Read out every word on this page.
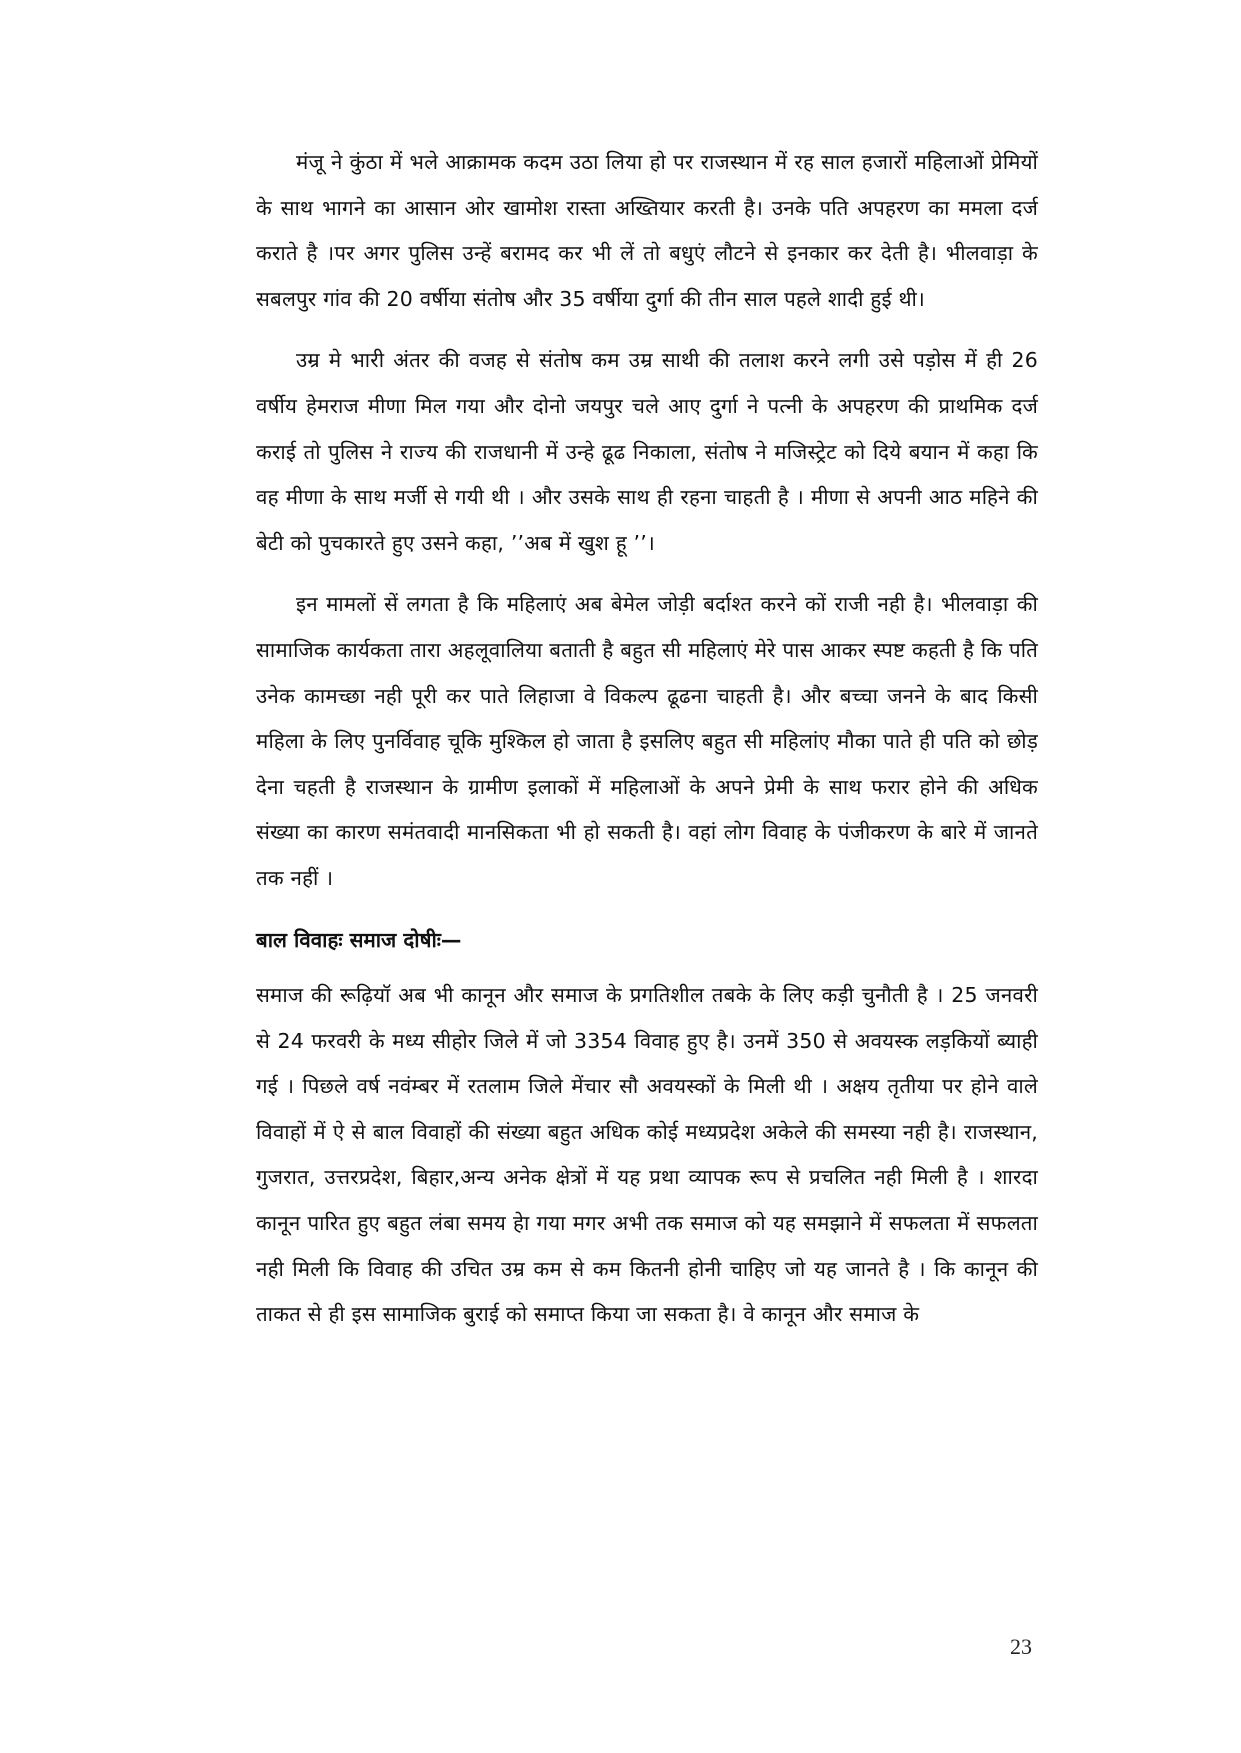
मंजू ने कुंठा में भले आक्रामक कदम उठा लिया हो पर राजस्थान में रह साल हजारों महिलाओं प्रेमियों के साथ भागने का आसान ओर खामोश रास्ता अख्तियार करती है। उनके पति अपहरण का ममला दर्ज कराते है ।पर अगर पुलिस उन्हें बरामद कर भी लें तो बधुएं लौटने से इनकार कर देती है। भीलवाड़ा के सबलपुर गांव की 20 वर्षीया संतोष और 35 वर्षीया दुर्गा की तीन साल पहले शादी हुई थी।

उम्र मे भारी अंतर की वजह से संतोष कम उम्र साथी की तलाश करने लगी उसे पड़ोस में ही 26 वर्षीय हेमराज मीणा मिल गया और दोनो जयपुर चले आए दुर्गा ने पत्नी के अपहरण की प्राथमिक दर्ज कराई तो पुलिस ने राज्य की राजधानी में उन्हे ढूढ निकाला, संतोष ने मजिस्ट्रेट को दिये बयान में कहा कि वह मीणा के साथ मर्जी से गयी थी । और उसके साथ ही रहना चाहती है । मीणा से अपनी आठ महिने की बेटी को पुचकारते हुए उसने कहा, ’’अब में खुश हू ’’।

इन मामलों सें लगता है कि महिलाएं अब बेमेल जोड़ी बर्दाश्त करने कों राजी नही है। भीलवाड़ा की सामाजिक कार्यकता तारा अहलूवालिया बताती है बहुत सी महिलाएं मेरे पास आकर स्पष्ट कहती है कि पति उनेक कामच्छा नही पूरी कर पाते लिहाजा वे विकल्प ढूढना चाहती है। और बच्चा जनने के बाद किसी महिला के लिए पुनर्विवाह चूकि मुश्किल हो जाता है इसलिए बहुत सी महिलांए मौका पाते ही पति को छोड़ देना चहती है राजस्थान के ग्रामीण इलाकों में महिलाओं के अपने प्रेमी के साथ फरार होने की अधिक संख्या का कारण समंतवादी मानसिकता भी हो सकती है। वहां लोग विवाह के पंजीकरण के बारे में जानते तक नहीं ।

बाल विवाहः समाज दोषीः—

समाज की रूढ़ियॉ अब भी कानून और समाज के प्रगतिशील तबके के लिए कड़ी चुनौती है । 25 जनवरी से 24 फरवरी के मध्य सीहोर जिले में जो 3354 विवाह हुए है। उनमें 350 से अवयस्क लड़कियों ब्याही गई । पिछले वर्ष नवंम्बर में रतलाम जिले मेंचार सौ अवयस्कों के मिली थी । अक्षय तृतीया पर होने वाले विवाहों में ऐ से बाल विवाहों की संख्या बहुत अधिक कोई मध्यप्रदेश अकेले की समस्या नही है। राजस्थान, गुजरात, उत्तरप्रदेश, बिहार,अन्य अनेक क्षेत्रों में यह प्रथा व्यापक रूप से प्रचलित नही मिली है । शारदा कानून पारित हुए बहुत लंबा समय हेा गया मगर अभी तक समाज को यह समझाने में सफलता में सफलता नही मिली कि विवाह की उचित उम्र कम से कम कितनी होनी चाहिए जो यह जानते है । कि कानून की ताकत से ही इस सामाजिक बुराई को समाप्त किया जा सकता है। वे कानून और समाज के

23
